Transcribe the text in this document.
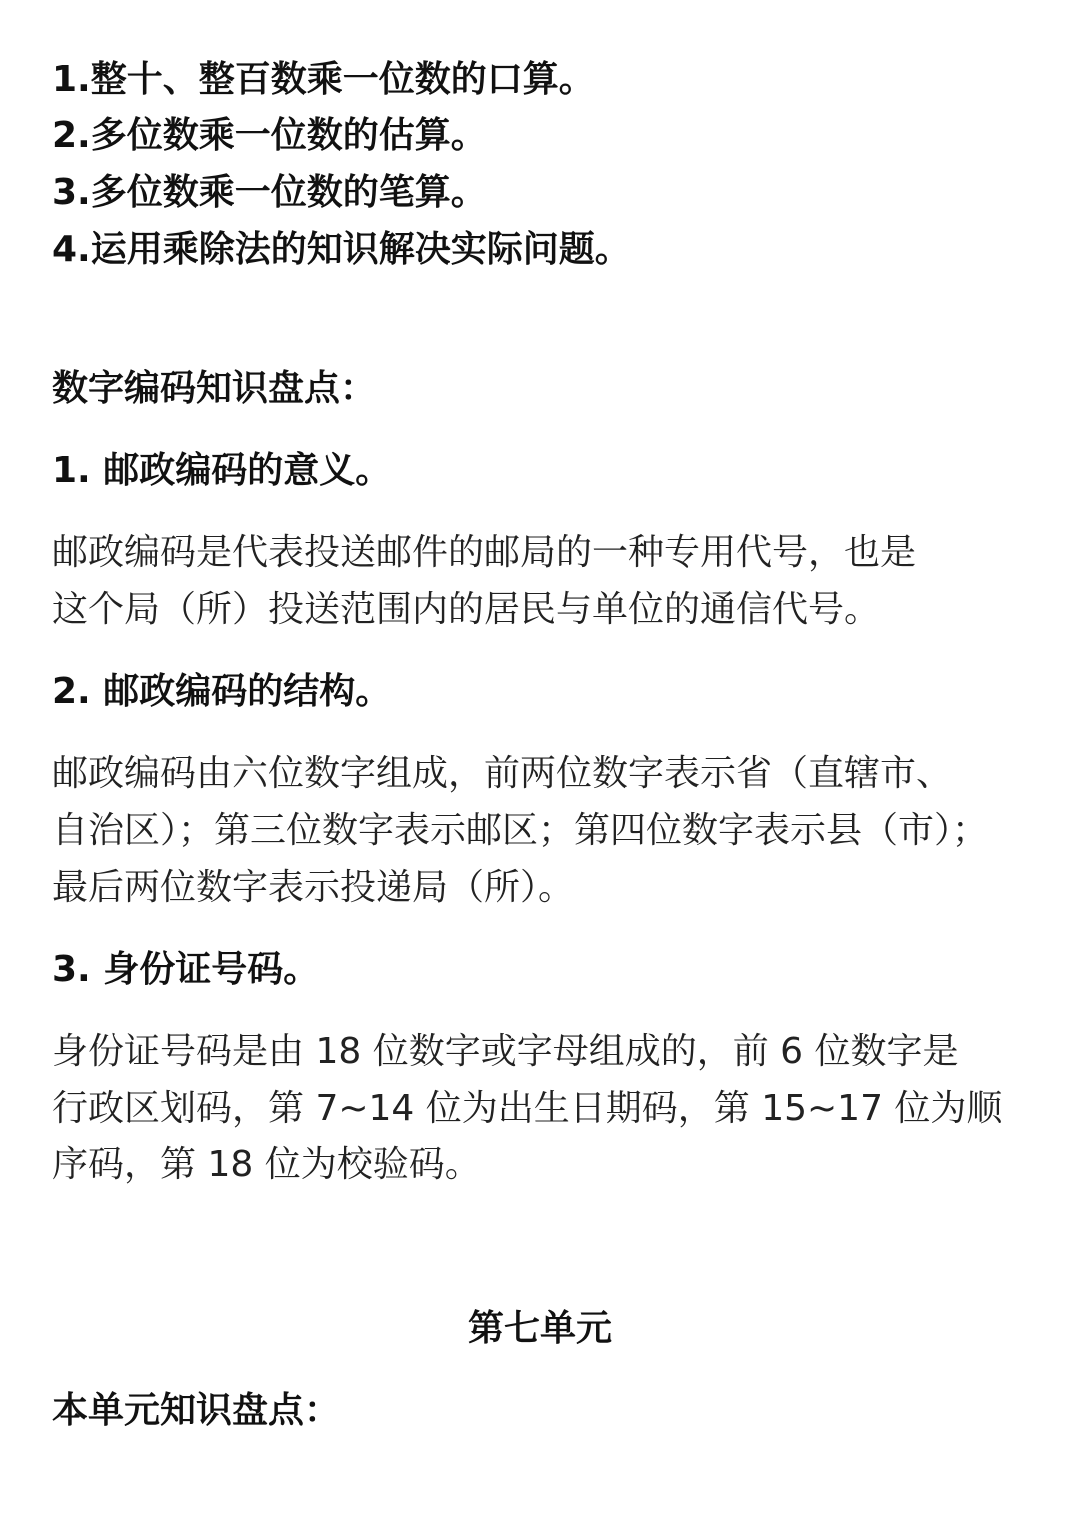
1.整十、整百数乘一位数的口算。
2.多位数乘一位数的估算。
3.多位数乘一位数的笔算。
4.运用乘除法的知识解决实际问题。
数字编码知识盘点：
1. 邮政编码的意义。
邮政编码是代表投送邮件的邮局的一种专用代号，也是
这个局（所）投送范围内的居民与单位的通信代号。
2. 邮政编码的结构。
邮政编码由六位数字组成，前两位数字表示省（直辖市、
自治区）；第三位数字表示邮区；第四位数字表示县（市）；
最后两位数字表示投递局（所）。
3. 身份证号码。
身份证号码是由 18 位数字或字母组成的，前 6 位数字是
行政区划码，第 7~14 位为出生日期码，第 15~17 位为顺
序码，第 18 位为校验码。
第七单元
本单元知识盘点：
